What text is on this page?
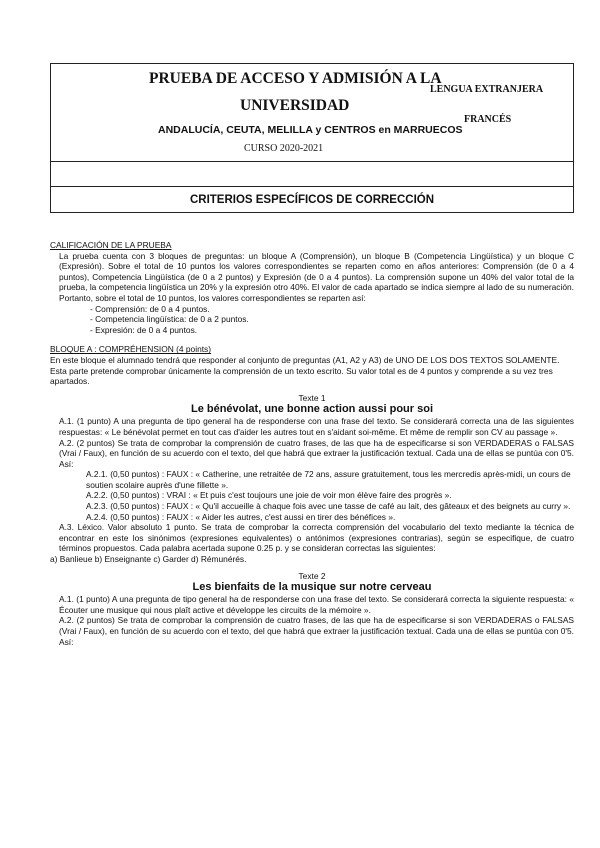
PRUEBA DE ACCESO Y ADMISIÓN A LA
UNIVERSIDAD
ANDALUCÍA, CEUTA, MELILLA y CENTROS en MARRUECOS
CURSO 2020-2021
LENGUA EXTRANJERA
FRANCÉS
CRITERIOS ESPECÍFICOS DE CORRECCIÓN

CALIFICACIÓN DE LA PRUEBA

La prueba cuenta con 3 bloques de preguntas: un bloque A (Comprensión), un bloque B (Competencia Lingüística) y un bloque C (Expresión). Sobre el total de 10 puntos los valores correspondientes se reparten como en años anteriores: Comprensión (de 0 a 4 puntos), Competencia Lingüística (de 0 a 2 puntos) y Expresión (de 0 a 4 puntos). La comprensión supone un 40% del valor total de la prueba, la competencia lingüística un 20% y la expresión otro 40%. El valor de cada apartado se indica siempre al lado de su numeración. Portanto, sobre el total de 10 puntos, los valores correspondientes se reparten así:

- Comprensión: de 0 a 4 puntos.

- Competencia lingüística: de 0 a 2 puntos.

- Expresión: de 0 a 4 puntos.

BLOQUE A : COMPRÉHENSION (4 points)

En este bloque el alumnado tendrá que responder al conjunto de preguntas (A1, A2 y A3) de UNO DE LOS DOS TEXTOS SOLAMENTE.

Esta parte pretende comprobar únicamente la comprensión de un texto escrito. Su valor total es de 4 puntos y comprende a su vez tres apartados.

Texte 1

Le bénévolat, une bonne action aussi pour soi

A.1. (1 punto) A una pregunta de tipo general ha de responderse con una frase del texto. Se considerará correcta una de las siguientes respuestas: « Le bénévolat permet en tout cas d'aider les autres tout en s'aidant soi-même. Et même de remplir son CV au passage ».

A.2. (2 puntos) Se trata de comprobar la comprensión de cuatro frases, de las que ha de especificarse si son VERDADERAS o FALSAS (Vrai / Faux), en función de su acuerdo con el texto, del que habrá que extraer la justificación textual. Cada una de ellas se puntúa con 0'5. Así:

A.2.1. (0,50 puntos) : FAUX : « Catherine, une retraitée de 72 ans, assure gratuitement, tous les mercredis après-midi, un cours de soutien scolaire auprès d'une fillette ».

A.2.2. (0,50 puntos) : VRAI : « Et puis c'est toujours une joie de voir mon élève faire des progrès ».

A.2.3. (0,50 puntos) : FAUX : « Qu'il accueille à chaque fois avec une tasse de café au lait, des gâteaux et des beignets au curry ».

A.2.4. (0,50 puntos) : FAUX : « Aider les autres, c'est aussi en tirer des bénéfices ».

A.3. Léxico. Valor absoluto 1 punto. Se trata de comprobar la correcta comprensión del vocabulario del texto mediante la técnica de encontrar en este los sinónimos (expresiones equivalentes) o antónimos (expresiones contrarias), según se especifique, de cuatro términos propuestos. Cada palabra acertada supone 0.25 p. y se consideran correctas las siguientes:

a) Banlieue b) Enseignante c) Garder d) Rémunérés.

Texte 2

Les bienfaits de la musique sur notre cerveau

A.1. (1 punto) A una pregunta de tipo general ha de responderse con una frase del texto. Se considerará correcta la siguiente respuesta: « Écouter une musique qui nous plaît active et développe les circuits de la mémoire ».

A.2. (2 puntos) Se trata de comprobar la comprensión de cuatro frases, de las que ha de especificarse si son VERDADERAS o FALSAS (Vrai / Faux), en función de su acuerdo con el texto, del que habrá que extraer la justificación textual. Cada una de ellas se puntúa con 0'5. Así:
